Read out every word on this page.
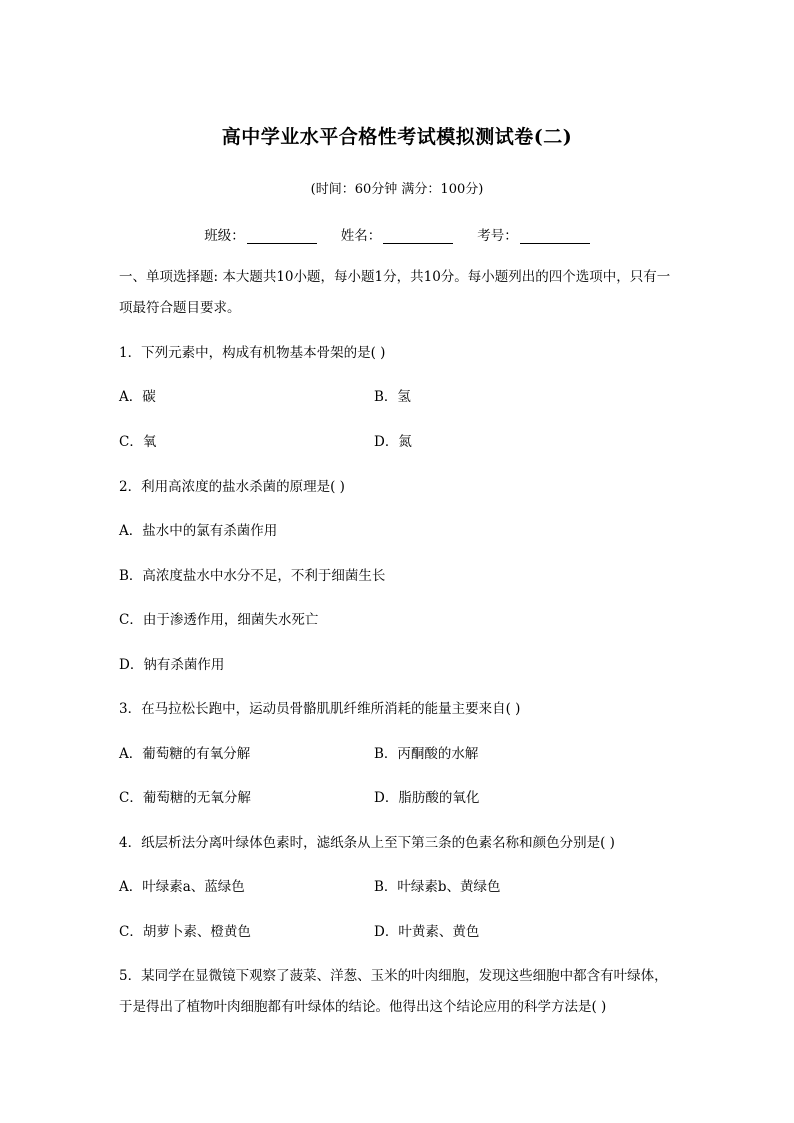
高中学业水平合格性考试模拟测试卷(二)
(时间：60分钟 满分：100分)
班级：	姓名：	考号：
一、单项选择题: 本大题共10小题，每小题1分，共10分。每小题列出的四个选项中，只有一项最符合题目要求。
1．下列元素中，构成有机物基本骨架的是( )
A．碳	B．氢
C．氧	D．氮
2．利用高浓度的盐水杀菌的原理是( )
A．盐水中的氯有杀菌作用
B．高浓度盐水中水分不足，不利于细菌生长
C．由于渗透作用，细菌失水死亡
D．钠有杀菌作用
3．在马拉松长跑中，运动员骨骼肌肌纤维所消耗的能量主要来自( )
A．葡萄糖的有氧分解	B．丙酮酸的水解
C．葡萄糖的无氧分解	D．脂肪酸的氧化
4．纸层析法分离叶绿体色素时，滤纸条从上至下第三条的色素名称和颜色分别是( )
A．叶绿素a、蓝绿色	B．叶绿素b、黄绿色
C．胡萝卜素、橙黄色	D．叶黄素、黄色
5．某同学在显微镜下观察了菠菜、洋葱、玉米的叶肉细胞，发现这些细胞中都含有叶绿体，
于是得出了植物叶肉细胞都有叶绿体的结论。他得出这个结论应用的科学方法是( )
